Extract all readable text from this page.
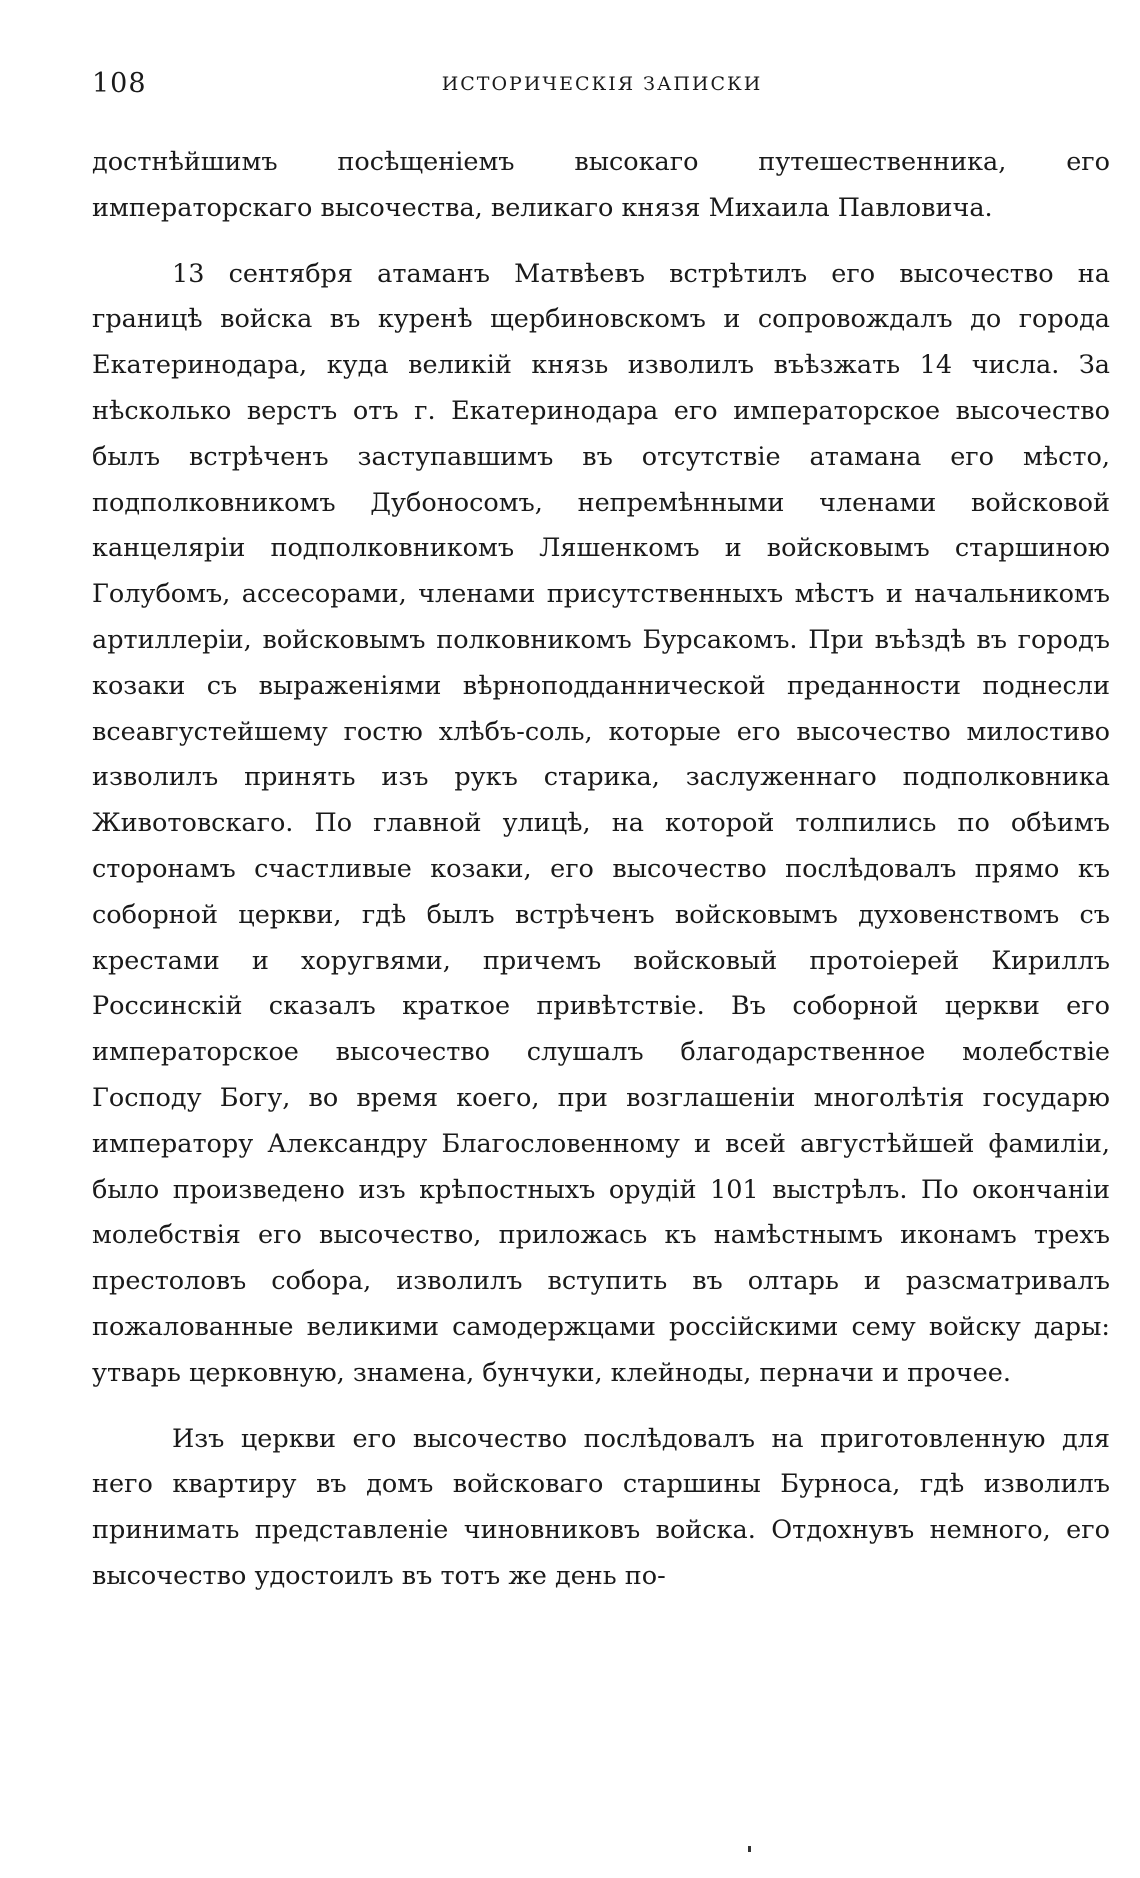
108	ИСТОРИЧЕСКІЯ ЗАПИСКИ

достнѣйшимъ посѣщеніемъ высокаго путешественника, его императорскаго высочества, великаго князя Михаила Павловича.

13 сентября атаманъ Матвѣевъ встрѣтилъ его высочество на границѣ войска въ куренѣ щербиновскомъ и сопровождалъ до города Екатеринодара, куда великій князь изволилъ въѣзжать 14 числа. За нѣсколько верстъ отъ г. Екатеринодара его императорское высочество былъ встрѣченъ заступавшимъ въ отсутствіе атамана его мѣсто, подполковникомъ Дубоносомъ, непремѣнными членами войсковой канцеляріи подполковникомъ Ляшенкомъ и войсковымъ старшиною Голубомъ, ассесорами, членами присутственныхъ мѣстъ и начальникомъ артиллеріи, войсковымъ полковникомъ Бурсакомъ. При въѣздѣ въ городъ козаки съ выраженіями вѣрноподданнической преданности поднесли всеавгустейшему гостю хлѣбъ-соль, которые его высочество милостиво изволилъ принять изъ рукъ старика, заслуженнаго подполковника Животовскаго. По главной улицѣ, на которой толпились по обѣимъ сторонамъ счастливые козаки, его высочество послѣдовалъ прямо къ соборной церкви, гдѣ былъ встрѣченъ войсковымъ духовенствомъ съ крестами и хоругвями, причемъ войсковый протоіерей Кириллъ Россинскій сказалъ краткое привѣтствіе. Въ соборной церкви его императорское высочество слушалъ благодарственное молебствіе Господу Богу, во время коего, при возглашеніи многолѣтія государю императору Александру Благословенному и всей августѣйшей фамиліи, было произведено изъ крѣпостныхъ орудій 101 выстрѣлъ. По окончаніи молебствія его высочество, приложась къ намѣстнымъ иконамъ трехъ престоловъ собора, изволилъ вступить въ олтарь и разсматривалъ пожалованные великими самодержцами россійскими сему войску дары: утварь церковную, знамена, бунчуки, клейноды, перначи и прочее.

Изъ церкви его высочество послѣдовалъ на приготовленную для него квартиру въ домъ войсковаго старшины Бурноса, гдѣ изволилъ принимать представленіе чиновниковъ войска. Отдохнувъ немного, его высочество удостоилъ въ тотъ же день по-
